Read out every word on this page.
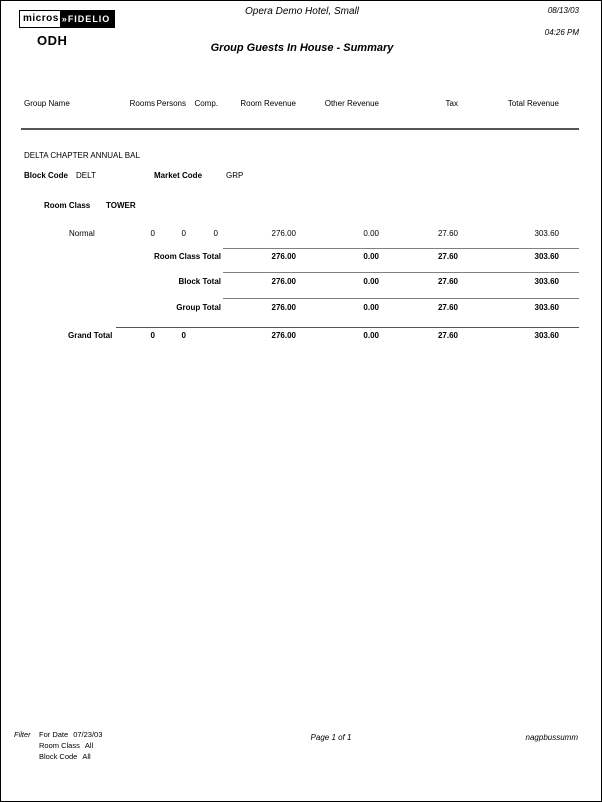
micros »FIDELIO
ODH
Opera Demo Hotel, Small
Group Guests In House - Summary
08/13/03
04:26 PM
Group Name	Rooms Persons Comp.	Room Revenue	Other Revenue	Tax	Total Revenue
DELTA CHAPTER ANNUAL BAL
Block Code DELT	Market Code	GRP
Room Class TOWER
Normal	0	0	0	276.00	0.00	27.60	303.60
Room Class Total	276.00	0.00	27.60	303.60
Block Total	276.00	0.00	27.60	303.60
Group Total	276.00	0.00	27.60	303.60
Grand Total	0	0	276.00	0.00	27.60	303.60
Filter For Date 07/23/03
Room Class All
Block Code All
Page 1 of 1	nagpbussumm
